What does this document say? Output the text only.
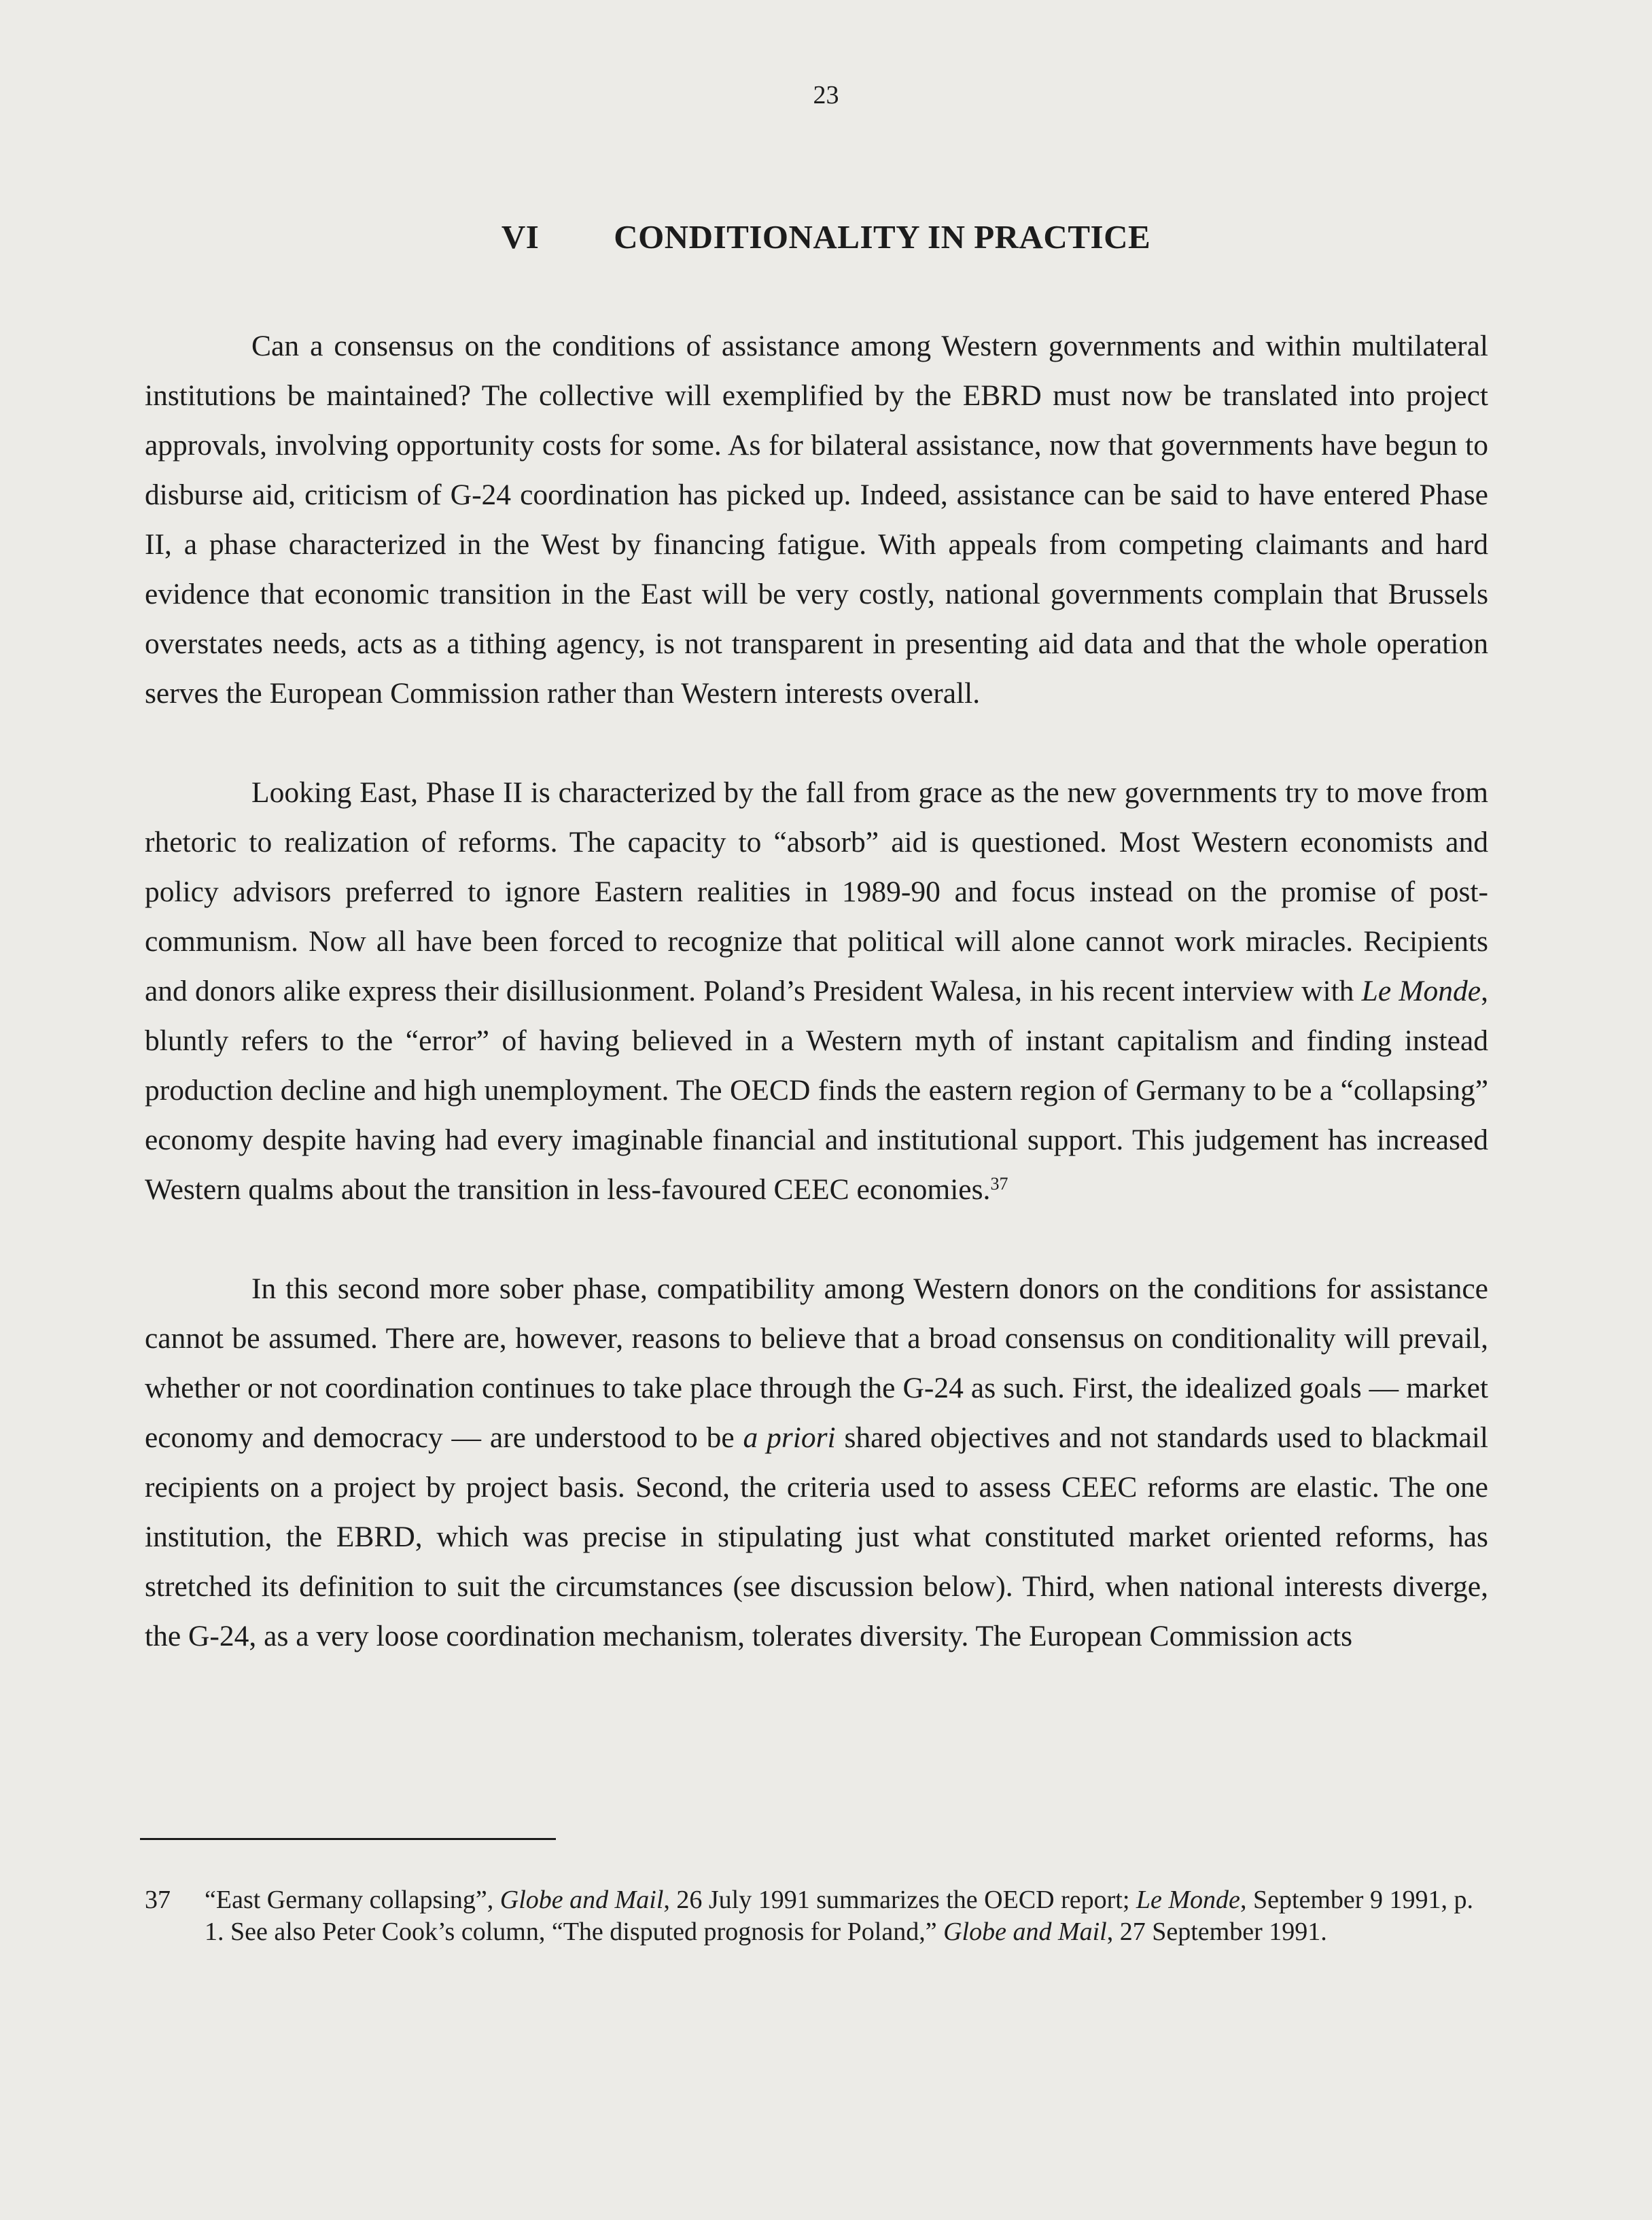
23
VI CONDITIONALITY IN PRACTICE

Can a consensus on the conditions of assistance among Western governments and within multilateral institutions be maintained? The collective will exemplified by the EBRD must now be translated into project approvals, involving opportunity costs for some. As for bilateral assistance, now that governments have begun to disburse aid, criticism of G-24 coordination has picked up. Indeed, assistance can be said to have entered Phase II, a phase characterized in the West by financing fatigue. With appeals from competing claimants and hard evidence that economic transition in the East will be very costly, national governments complain that Brussels overstates needs, acts as a tithing agency, is not transparent in presenting aid data and that the whole operation serves the European Commission rather than Western interests overall.

Looking East, Phase II is characterized by the fall from grace as the new governments try to move from rhetoric to realization of reforms. The capacity to “absorb” aid is questioned. Most Western economists and policy advisors preferred to ignore Eastern realities in 1989-90 and focus instead on the promise of post-communism. Now all have been forced to recognize that political will alone cannot work miracles. Recipients and donors alike express their disillusionment. Poland’s President Walesa, in his recent interview with Le Monde, bluntly refers to the “error” of having believed in a Western myth of instant capitalism and finding instead production decline and high unemployment. The OECD finds the eastern region of Germany to be a “collapsing” economy despite having had every imaginable financial and institutional support. This judgement has increased Western qualms about the transition in less-favoured CEEC economies.$^{37}$

In this second more sober phase, compatibility among Western donors on the conditions for assistance cannot be assumed. There are, however, reasons to believe that a broad consensus on conditionality will prevail, whether or not coordination continues to take place through the G-24 as such. First, the idealized goals — market economy and democracy — are understood to be a priori shared objectives and not standards used to blackmail recipients on a project by project basis. Second, the criteria used to assess CEEC reforms are elastic. The one institution, the EBRD, which was precise in stipulating just what constituted market oriented reforms, has stretched its definition to suit the circumstances (see discussion below). Third, when national interests diverge, the G-24, as a very loose coordination mechanism, tolerates diversity. The European Commission acts

37 “East Germany collapsing”, Globe and Mail, 26 July 1991 summarizes the OECD report; Le Monde, September 9 1991, p. 1. See also Peter Cook’s column, “The disputed prognosis for Poland,” Globe and Mail, 27 September 1991.
